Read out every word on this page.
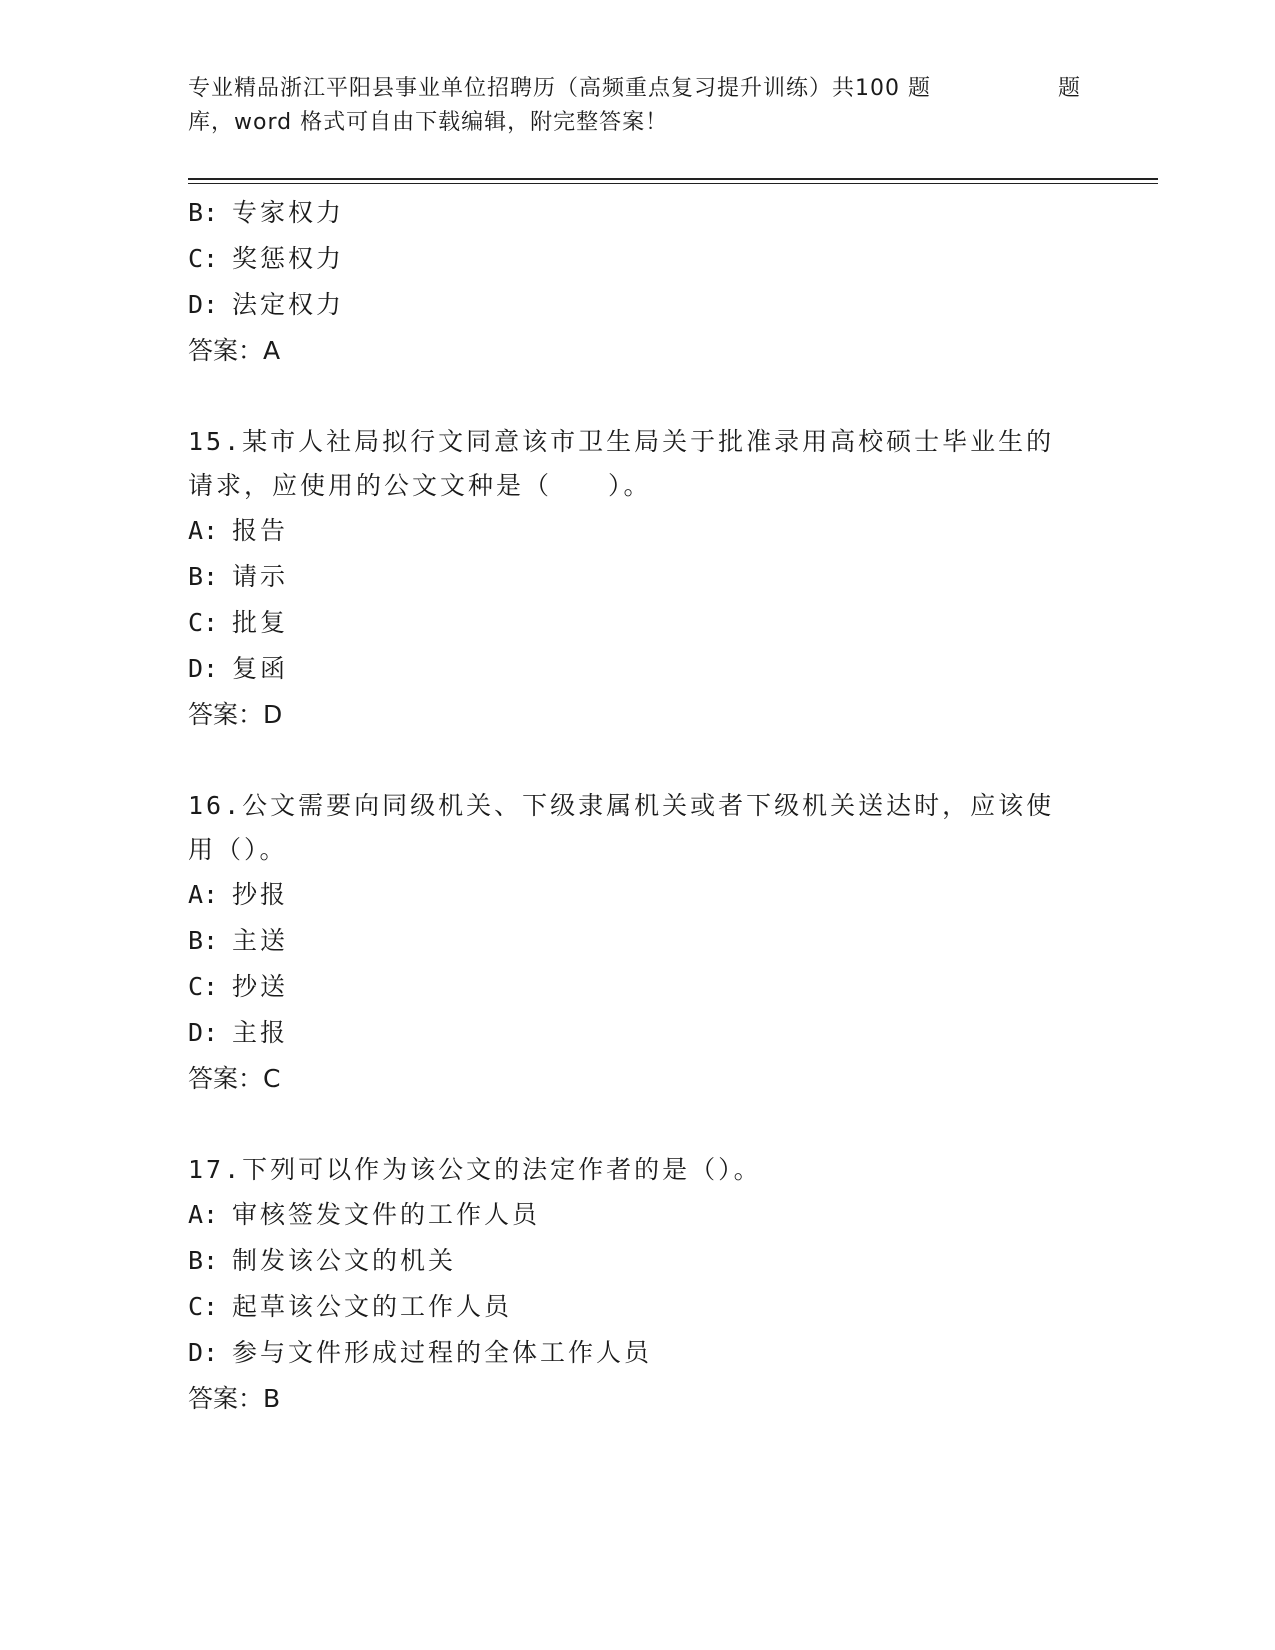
专业精品浙江平阳县事业单位招聘历（高频重点复习提升训练）共100 题	题
库，word 格式可自由下载编辑，附完整答案！
B: 专家权力
C: 奖惩权力
D: 法定权力
答案：A
15.某市人社局拟行文同意该市卫生局关于批准录用高校硕士毕业生的
请求，应使用的公文文种是（　　）。
A: 报告
B: 请示
C: 批复
D: 复函
答案：D
16.公文需要向同级机关、下级隶属机关或者下级机关送达时，应该使
用（）。
A: 抄报
B: 主送
C: 抄送
D: 主报
答案：C
17.下列可以作为该公文的法定作者的是（）。
A: 审核签发文件的工作人员
B: 制发该公文的机关
C: 起草该公文的工作人员
D: 参与文件形成过程的全体工作人员
答案：B
